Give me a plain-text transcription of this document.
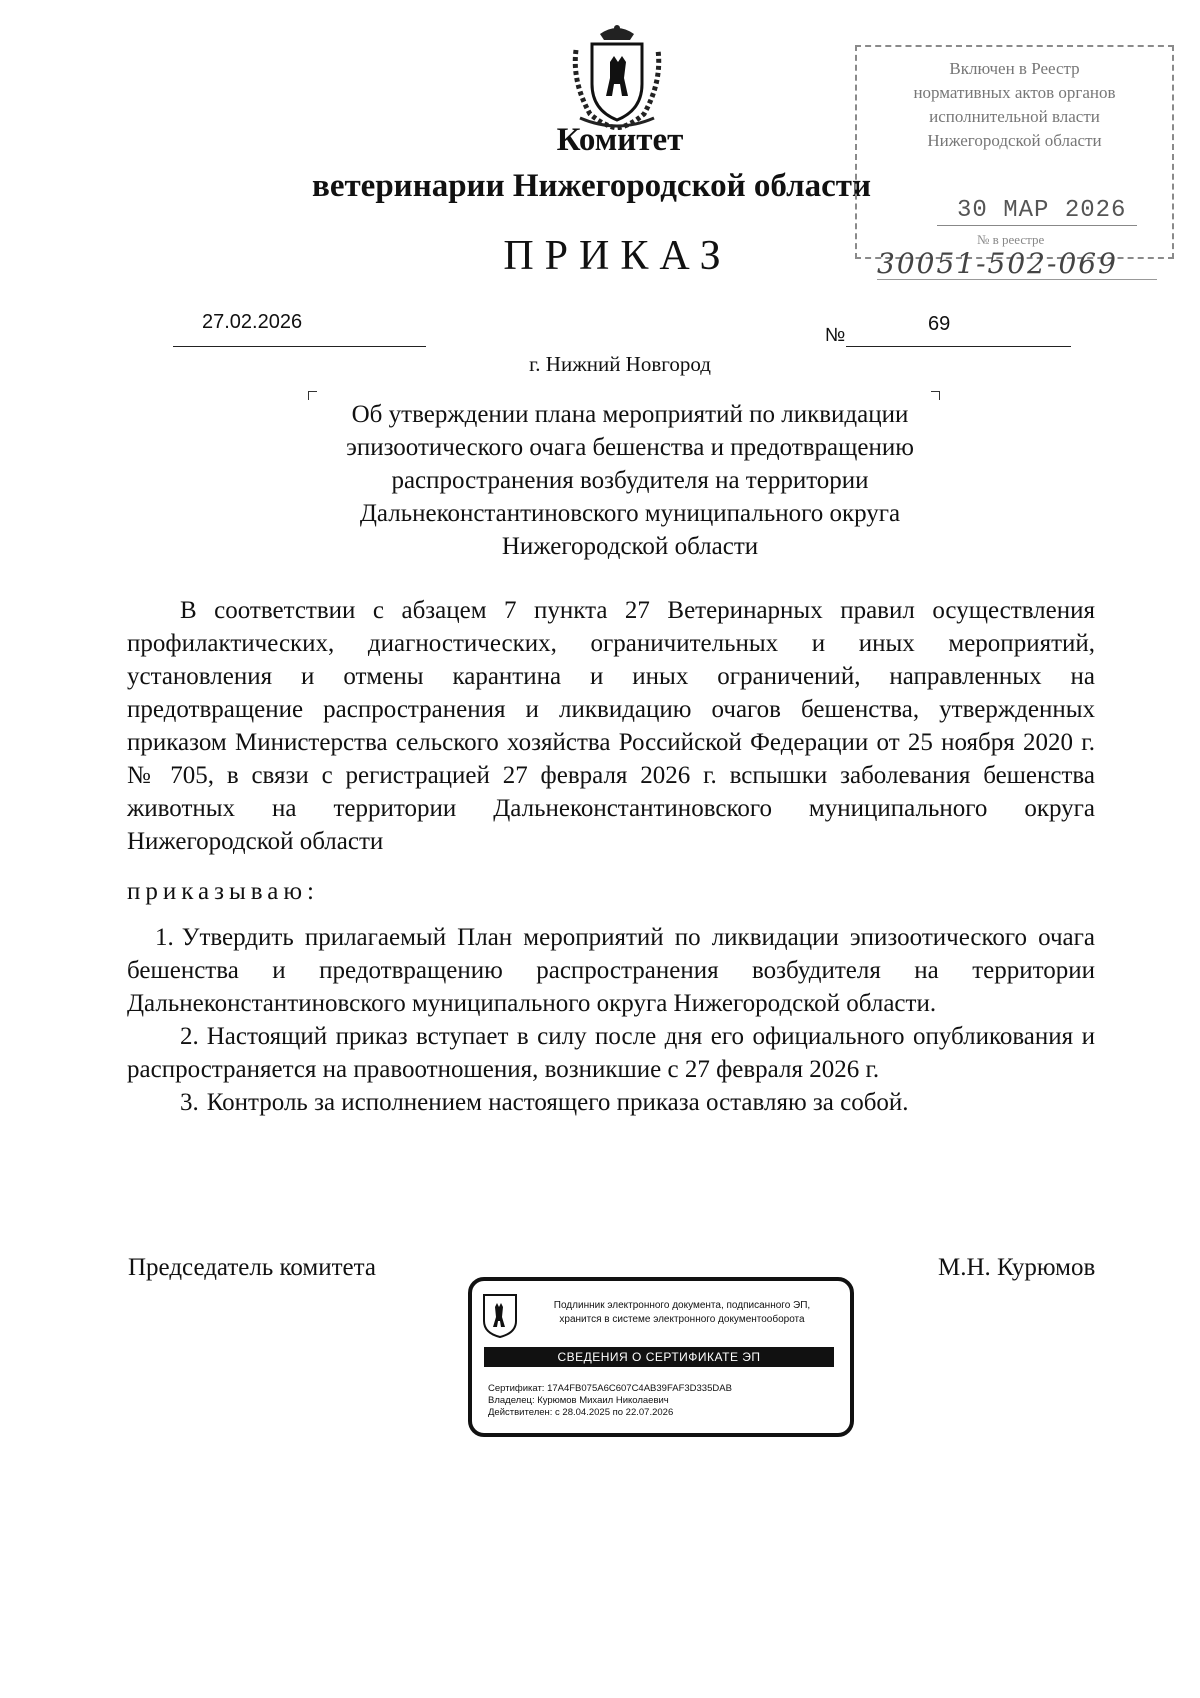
Комитет
ветеринарии Нижегородской области
ПРИКАЗ
27.02.2026
№
69
г. Нижний Новгород
Об утверждении плана мероприятий по ликвидации эпизоотического очага бешенства и предотвращению распространения возбудителя на территории Дальнеконстантиновского муниципального округа Нижегородской области
В соответствии с абзацем 7 пункта 27 Ветеринарных правил осуществления профилактических, диагностических, ограничительных и иных мероприятий, установления и отмены карантина и иных ограничений, направленных на предотвращение распространения и ликвидацию очагов бешенства, утвержденных приказом Министерства сельского хозяйства Российской Федерации от 25 ноября 2020 г. № 705, в связи с регистрацией 27 февраля 2026 г. вспышки заболевания бешенства животных на территории Дальнеконстантиновского муниципального округа Нижегородской области
приказываю:

1. Утвердить прилагаемый План мероприятий по ликвидации эпизоотического очага бешенства и предотвращению распространения возбудителя на территории Дальнеконстантиновского муниципального округа Нижегородской области.

2. Настоящий приказ вступает в силу после дня его официального опубликования и распространяется на правоотношения, возникшие с 27 февраля 2026 г.

3. Контроль за исполнением настоящего приказа оставляю за собой.

Председатель комитета	М.Н. Курюмов
Включен в Реестр
нормативных актов органов
исполнительной власти
Нижегородской области
30 МАР 2026
№ в реестре
30051-502-069
Подлинник электронного документа, подписанного ЭП,
хранится в системе электронного документооборота
СВЕДЕНИЯ О СЕРТИФИКАТЕ ЭП
Сертификат: 17A4FB075A6C607C4AB39FAF3D335DAB
Владелец: Курюмов Михаил Николаевич
Действителен: с 28.04.2025 по 22.07.2026
